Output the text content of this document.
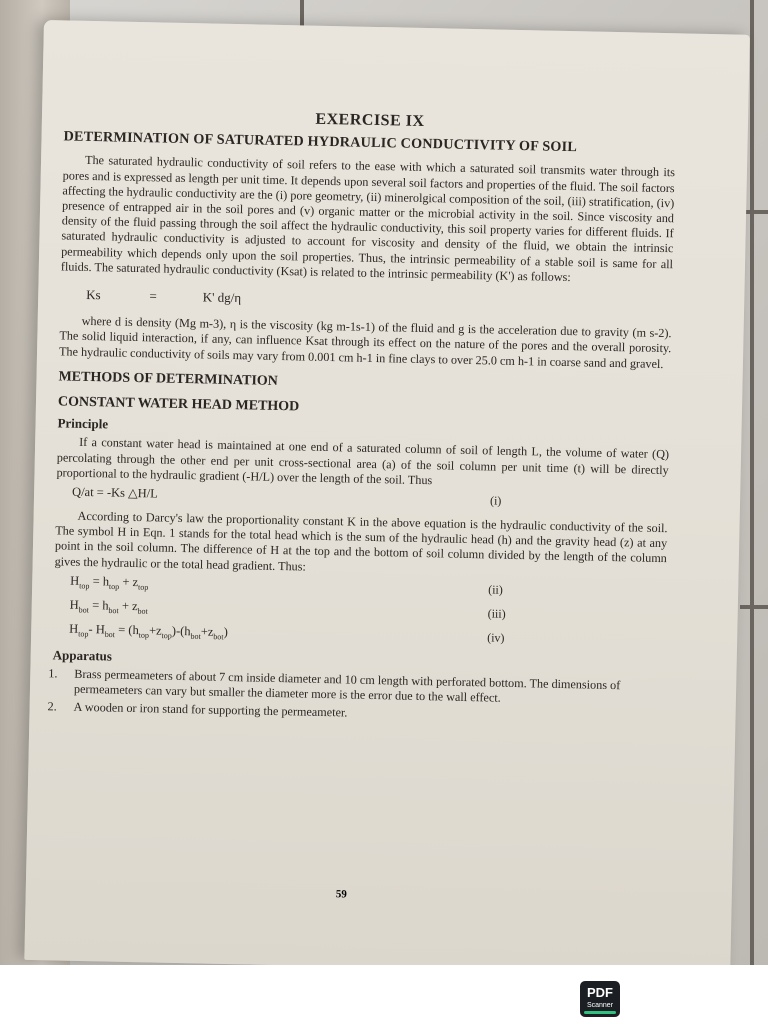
EXERCISE IX
DETERMINATION OF SATURATED HYDRAULIC CONDUCTIVITY OF SOIL

The saturated hydraulic conductivity of soil refers to the ease with which a saturated soil transmits water through its pores and is expressed as length per unit time. It depends upon several soil factors and properties of the fluid. The soil factors affecting the hydraulic conductivity are the (i) pore geometry, (ii) minerolgical composition of the soil, (iii) stratification, (iv) presence of entrapped air in the soil pores and (v) organic matter or the microbial activity in the soil. Since viscosity and density of the fluid passing through the soil affect the hydraulic conductivity, this soil property varies for different fluids. If saturated hydraulic conductivity is adjusted to account for viscosity and density of the fluid, we obtain the intrinsic permeability which depends only upon the soil properties. Thus, the intrinsic permeability of a stable soil is same for all fluids. The saturated hydraulic conductivity (Ksat) is related to the intrinsic permeability (K') as follows:

Ks	=	K' dg/η

where d is density (Mg m-3), η is the viscosity (kg m-1s-1) of the fluid and g is the acceleration due to gravity (m s-2). The solid liquid interaction, if any, can influence Ksat through its effect on the nature of the pores and the overall porosity. The hydraulic conductivity of soils may vary from 0.001 cm h-1 in fine clays to over 25.0 cm h-1 in coarse sand and gravel.

METHODS OF DETERMINATION
CONSTANT WATER HEAD METHOD
Principle

If a constant water head is maintained at one end of a saturated column of soil of length L, the volume of water (Q) percolating through the other end per unit cross-sectional area (a) of the soil column per unit time (t) will be directly proportional to the hydraulic gradient (-H/L) over the length of the soil. Thus

Q/at = -Ks △H/L
(i)

According to Darcy's law the proportionality constant K in the above equation is the hydraulic conductivity of the soil. The symbol H in Eqn. 1 stands for the total head which is the sum of the hydraulic head (h) and the gravity head (z) at any point in the soil column. The difference of H at the top and the bottom of soil column divided by the length of the column gives the hydraulic or the total head gradient. Thus:

$H_{top} = h_{top} + z_{top}$	(ii)
$H_{bot} = h_{bot} + z_{bot}$	(iii)
$H_{top}-$ $H_{bot} = (h_{top}+z_{top})-(h_{bot}+z_{bot})$	(iv)
Apparatus
1. Brass permeameters of about 7 cm inside diameter and 10 cm length with perforated bottom. The dimensions of permeameters can vary but smaller the diameter more is the error due to the wall effect.
2. A wooden or iron stand for supporting the permeameter.
59
PDF
Scanner
